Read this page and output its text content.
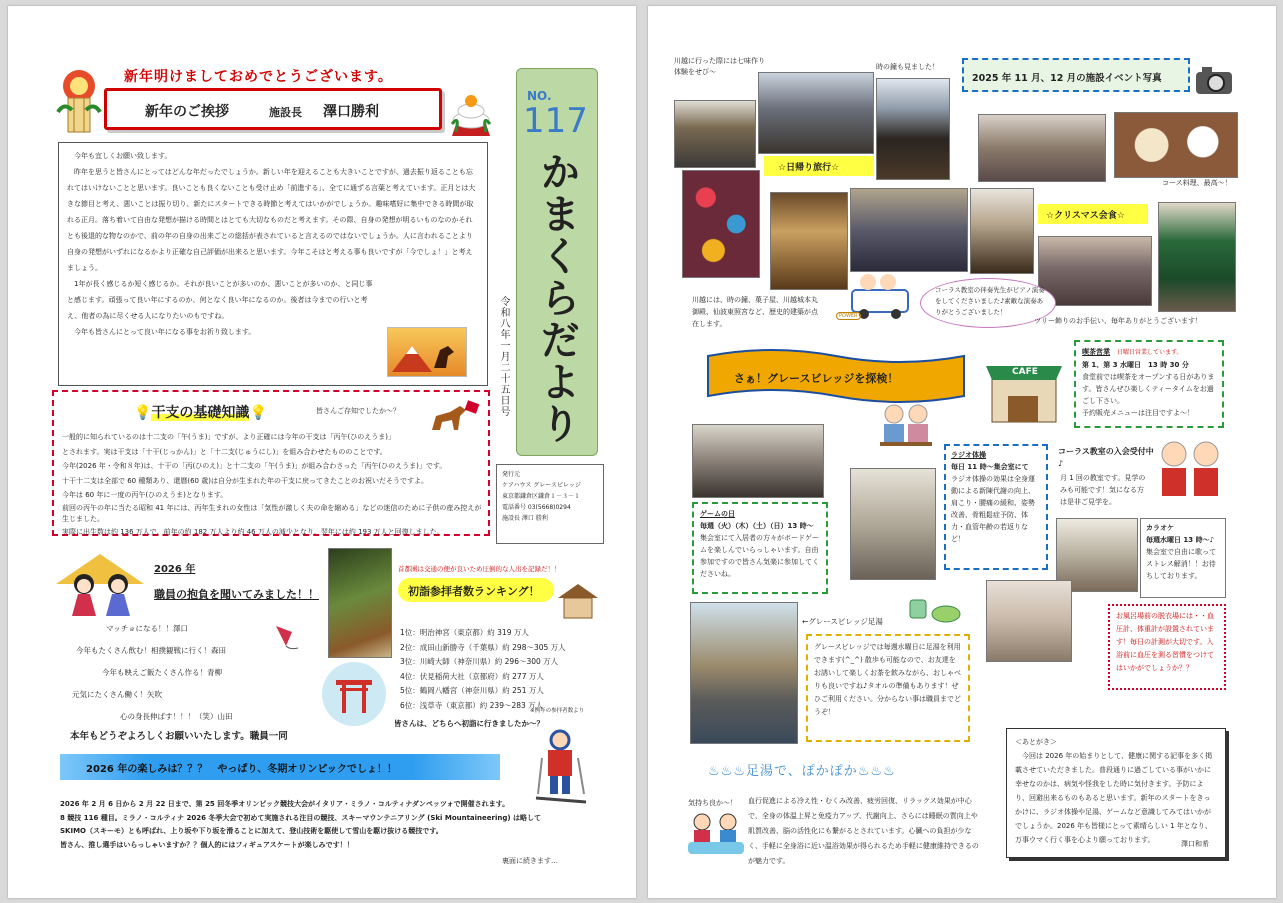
新年明けましておめでとうございます。
新年のご挨拶	施設長 澤口勝利
NO.
117
かまくらだより
令和八年一月二十五日号
発行元
ケアハウス グレースビレッジ
東京都鎌倉区鎌倉１－３－１
電話番号 03(5668)0294
施設長 澤口 勝利

今年も宜しくお願い致します。

昨年を思うと皆さんにとってはどんな年だったでしょうか。新しい年を迎えることも大きいことですが、過去振り返ることも忘れてはいけないことと思います。良いことも良くないことも受け止め「前進する」、全てに通ずる言葉と考えています。正月とは大きな節目と考え、悪いことは振り切り、新たにスタートできる時節と考えてはいかがでしょうか。趣味嗜好に集中できる時間が取れる正月。落ち着いて自由な発想が描ける時間とはとても大切なものだと考えます。その際、自身の発想が明るいものなのかそれとも後退的な物なのかで、前の年の自身の出来ごとの総括が表されていると言えるのではないでしょうか。人に言われることより自身の発想がいずれになるかより正確な自己評価が出来ると思います。今年こそはと考える事も良いですが「今でしょ！」と考えましょう。

1年が長く感じるか短く感じるか。それが良いことが多いのか、悪いことが多いのか、と同じ事と感じます。頑張って良い年にするのか、何となく良い年になるのか。後者は今までの行いと考え、他者の為に尽くせる人になりたいのもですね。

今年も皆さんにとって良い年になる事をお祈り致します。

💡干支の基礎知識💡	皆さんご存知でしたか～？
一般的に知られているのは十二支の「午(うま)」ですが、より正確には今年の干支は「丙午(ひのえうま)」
とされます。実は干支は「十干(じっかん)」と「十二支(じゅうにし)」を組み合わせたもののことです。
今年(2026 年・令和８年)は、十干の「丙(ひのえ)」と十二支の「午(うま)」が組み合わさった「丙午(ひのえうま)」です。
十干十二支は全部で 60 種類あり、還暦(60 歳)は自分が生まれた年の干支に戻ってきたことのお祝いだそうですよ。
今年は 60 年に一度の丙午(ひのえうま)となります。
前回の丙午の年に当たる昭和 41 年には、丙年生まれの女性は「気性が激しく夫の命を縮める」などの迷信のために子供の産み控えが生じました。
実際に出生数は約 136 万人で、前年の約 182 万人より約 46 万人の減少となり、翌年には約 193 万人と回復しました。
2026 年
職員の抱負を聞いてみました！！
マッチョになる！！澤口
今年もたくさん飲む！相撲観戦に行く！森田
今年も映えご飯たくさん作る！青柳
元気にたくさん働く！矢吹
心の身長伸ばす！！！（笑）山田
本年もどうぞよろしくお願いいたします。職員一同
首都圏は交通の便が良いため圧倒的な人出を記録だ！！
初詣参拝者数ランキング！
1位：明治神宮（東京都）約 319 万人
2位：成田山新勝寺（千葉県）約 298～305 万人
3位：川崎大師（神奈川県）約 296～300 万人
4位：伏見稲荷大社（京都府）約 277 万人
5位：鶴岡八幡宮（神奈川県）約 251 万人
6位：浅草寺（東京都）約 239～283 万人
※例年の参拝者数より
皆さんは、どちらへ初詣に行きましたか～？
2026 年の楽しみは？？？　やっぱり、冬期オリンピックでしょ！！
2026 年 2 月 6 日から 2 月 22 日まで、第 25 回冬季オリンピック競技大会がイタリア・ミラノ・コルティナダンペッツォで開催されます。
8 競技 116 種目。ミラノ・コルティナ 2026 冬季大会で初めて実施される注目の競技、スキーマウンテニアリング (Ski Mountaineering) は略して
SKIMO（スキーモ）とも呼ばれ、上り坂や下り坂を滑ることに加えて、登山技術を駆使して雪山を駆け抜ける競技です。
皆さん、推し選手はいらっしゃいますか？？個人的にはフィギュアスケートが楽しみです！！
裏面に続きます…
川越に行った際には七味作り体験をせび～
時の鐘も見ました！
☆日帰り旅行☆
川越には、時の鐘、菓子屋、川越城本丸御殿、仙波東照宮など、歴史的建築が点在します。
POWER
2025 年 11 月、12 月の施設イベント写真
コース料理、最高～！
☆クリスマス会食☆
コーラス教室の伴奏先生がピアノ演奏をしてくださいました♪素敵な演奏ありがとうございました！
ツリー飾りのお手伝い、毎年ありがとうございます！
さぁ！グレースビレッジを探検！	CAFE
喫茶営業　 日曜日営業しています。
第 1、第 3 水曜日　13 時 30 分
食堂前では喫茶をオープンする日があります。皆さんぜひ楽しくティータイムをお過ごし下さい。
予約販売メニューは注目ですよ～！
ゲームの日
毎週（火）（木）（土）（日）13 時～
集会室にて入居者の方々がボードゲームを楽しんでいらっしゃいます。自由参加ですので皆さん気楽に参加してくださいね。
ラジオ体操
毎日 11 時～集会室にて
ラジオ体操の効果は全身運動による新陳代謝の向上、肩こり・腰痛の緩和、姿勢改善、骨粗鬆症予防、体力・血管年齢の若返りなど！
コーラス教室の入会受付中♪
月 1 回の教室です。見学のみも可能です！気になる方は是非ご見学を。
←グレースビレッジ足湯
グレースビレッジでは毎週水曜日に足湯を利用できます(^_^) 散歩も可能なので、お友達をお誘いして楽しくお茶を飲みながら、おしゃべりも良いですね♪タオルの準備もあります！ぜひご利用ください。分からない事は職員までどうぞ！
カラオケ
毎週水曜日 13 時～♪
集会室で自由に歌ってストレス解消！！お待ちしております。
お風呂場前の脱衣場には・・血圧計、体重計が設置されています！毎日の計測が大切です。入浴前に血圧を測る習慣をつけてはいかがでしょうか？？
♨♨♨足湯で、ぽかぽか♨♨♨
気持ち良か～！ 血行促進による冷え性・むくみ改善、疲労回復、リラックス効果が中心で、全身の体温上昇と免疫力アップ、代謝向上、さらには睡眠の質向上や肌質改善、脳の活性化にも繋がるとされています。心臓への負担が少なく、手軽に全身浴に近い温浴効果が得られるため手軽に健康維持できるのが魅力です。
＜あとがき＞
今回は 2026 年の始まりとして、健康に関する記事を多く掲載させていただきました。普段通りに過ごしている事がいかに幸せなのかは、病気や怪我をした時に気付きます。予防により、回避出来るものもあると思います。新年のスタートをきっかけに、ラジオ体操や足湯、ゲームなど意識してみてはいかがでしょうか。2026 年も皆様にとって素晴らしい 1 年となり、万事ウマく行く事を心より願っております。	澤口和希
